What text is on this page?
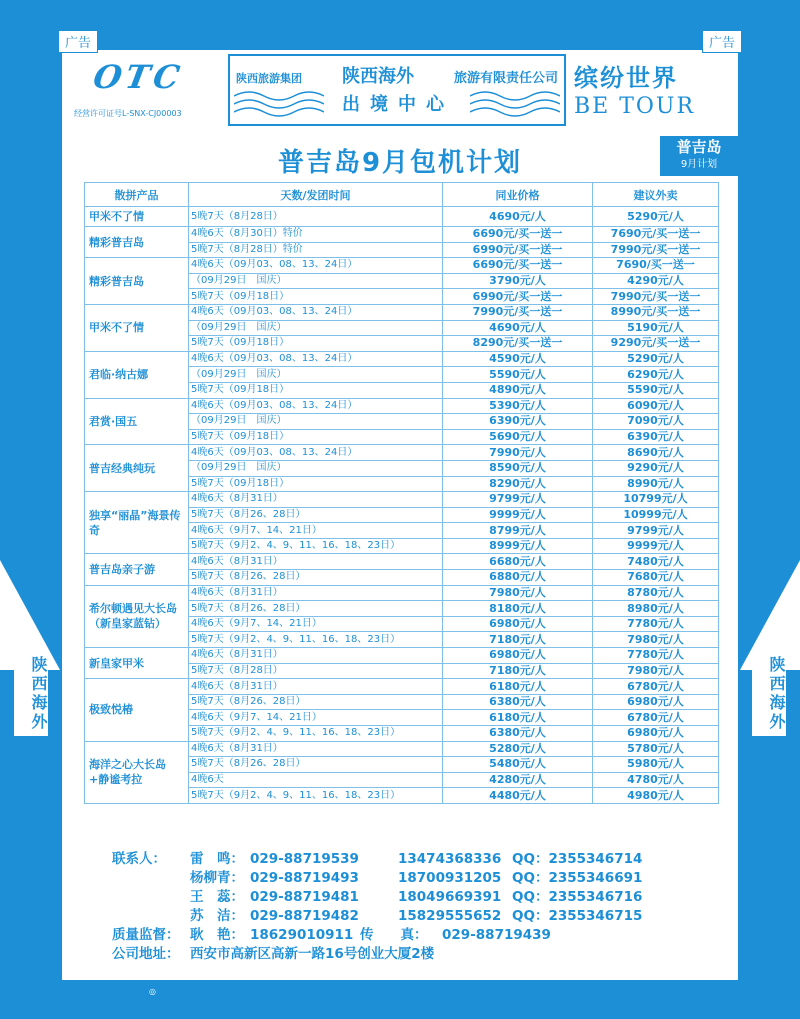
陕西海外	陕西海外
广告	广告
OTC
经营许可证号L-SNX-CJ00003
陕西旅游集团 陕西海外	旅游有限责任公司
出境中心
缤纷世界
BE TOUR
普吉岛9月包机计划
普吉岛
9月计划
散拼产品	天数/发团时间	同业价格	建议外卖
甲米不了情	5晚7天（8月28日）	4690元/人	5290元/人
精彩普吉岛	4晚6天（8月30日）特价	6690元/买一送一	7690元/买一送一
	5晚7天（8月28日）特价	6990元/买一送一	7990元/买一送一
精彩普吉岛	4晚6天（09月03、08、13、24日）	6690元/买一送一	7690/买一送一
	（09月29日　国庆）	3790元/人	4290元/人
	5晚7天（09月18日）	6990元/买一送一	7990元/买一送一
甲米不了情	4晚6天（09月03、08、13、24日）	7990元/买一送一	8990元/买一送一
	（09月29日　国庆）	4690元/人	5190元/人
	5晚7天（09月18日）	8290元/买一送一	9290元/买一送一
君临·纳古娜	4晚6天（09月03、08、13、24日）	4590元/人	5290元/人
	（09月29日　国庆）	5590元/人	6290元/人
	5晚7天（09月18日）	4890元/人	5590元/人
君赏·国五	4晚6天（09月03、08、13、24日）	5390元/人	6090元/人
	（09月29日　国庆）	6390元/人	7090元/人
	5晚7天（09月18日）	5690元/人	6390元/人
普吉经典纯玩	4晚6天（09月03、08、13、24日）	7990元/人	8690元/人
	（09月29日　国庆）	8590元/人	9290元/人
	5晚7天（09月18日）	8290元/人	8990元/人
独享“丽晶”海景传奇	4晚6天（8月31日）	9799元/人	10799元/人
	5晚7天（8月26、28日）	9999元/人	10999元/人
	4晚6天（9月7、14、21日）	8799元/人	9799元/人
	5晚7天（9月2、4、9、11、16、18、23日）	8999元/人	9999元/人
普吉岛亲子游	4晚6天（8月31日）	6680元/人	7480元/人
	5晚7天（8月26、28日）	6880元/人	7680元/人
希尔顿遇见大长岛（新皇家蓝钻）	4晚6天（8月31日）	7980元/人	8780元/人
	5晚7天（8月26、28日）	8180元/人	8980元/人
	4晚6天（9月7、14、21日）	6980元/人	7780元/人
	5晚7天（9月2、4、9、11、16、18、23日）	7180元/人	7980元/人
新皇家甲米	4晚6天（8月31日）	6980元/人	7780元/人
	5晚7天（8月28日）	7180元/人	7980元/人
极致悦椿	4晚6天（8月31日）	6180元/人	6780元/人
	5晚7天（8月26、28日）	6380元/人	6980元/人
	4晚6天（9月7、14、21日）	6180元/人	6780元/人
	5晚7天（9月2、4、9、11、16、18、23日）	6380元/人	6980元/人
海洋之心大长岛+静谧考拉	4晚6天（8月31日）	5280元/人	5780元/人
	5晚7天（8月26、28日）	5480元/人	5980元/人
	4晚6天	4280元/人	4780元/人
	5晚7天（9月2、4、9、11、16、18、23日）	4480元/人	4980元/人
联系人：	雷　鸣： 029-88719539	13474368336 QQ：2355346714
杨柳青： 029-88719493	18700931205 QQ：2355346691
王　蕊： 029-88719481	18049669391 QQ：2355346716
苏　洁： 029-88719482	15829555652 QQ：2355346715
质量监督： 耿　艳： 18629010911 传　　真：	029-88719439
公司地址： 西安市高新区高新一路16号创业大厦2楼
彩66 西北国际版	◎	欢迎浏览电子版 www.zyoo.com
